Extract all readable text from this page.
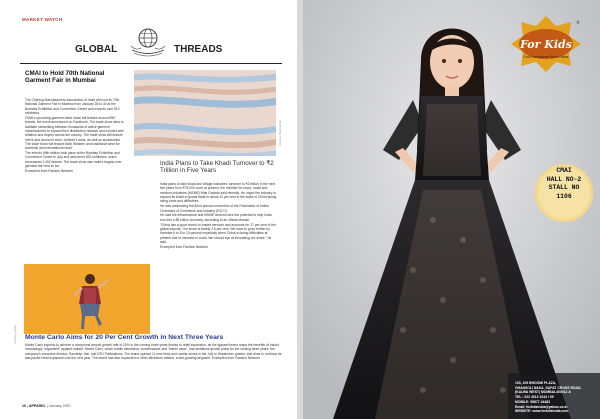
MARKET WATCH
GLOBAL	THREADS
CMAI to Hold 70th National Garment Fair in Mumbai

The Clothing Manufacturers Association of India will host its 70th National Garment Fair in Mumbai from January 28 to 30 at the Bombay Exhibition and Convention Centre and expects over 510 exhibitors.

CMAI's upcoming garment trade show will feature around 850 brands, the event announced on Facebook. The trade show aims to facilitate networking between thousands of active garment manufacturers to expand their distribution network and connect with retailers and buyers across the country. The trade show will feature men's and women's wear, children's wear, as well as accessories. The trade show will feature Both Western and traditional wear for domestic and international retail.

The event's 69th edition took place at the Bombay Exhibition and Convention Centre in July and welcomed 832 exhibitors, which showcased 1,062 brands. The trade show was India's largest-ever garment fair held so far.

Excerpted from Fashion Network

Courtesy: Fibre2Fashion
India Plans to Take Khadi Turnover to ₹2 Trillion in Five Years

India plans to take khadi and village industries' turnover to ₹2 trillion in the next five years from ₹75,000 crore at present, the minister for micro, small and medium industries (MSME) Nitin Gadkari said recently. He urged the industry to expand its khadi-in global trade to about 10 per cent in the wake of China facing rising costs and difficulties.

He was addressing the 82nd annual convention of the Federation of Indian Chambers of Commerce and Industry (FICCI).

He said the infrastructure and MSME sectors have the potential to help India turn into a $5 trillion economy, according to an official release.

"China has a good record in traded services and accounts for 17 per cent of the global exports. Our share is barely 2.6 per cent. We have to grow further by increase it to 8 to 10 percent especially when China is facing difficulties at present due to increase in costs. We should eye at increasing our share," he said.

Excerpted from Fashion Network

Courtesy: Google Monte Carlo Aims for 20 Per Cent Growth in Next Three Years
Monte Carlo expects to achieve a compound annual growth rate of 20% in the coming three years thanks to retail expansion, as the apparel brand reaps the benefits of India's increasingly "organised" apparel market. Monte Carlo, which retails menswear, womenswear, and "tween wear", has ambitious growth plans for the coming three years, the company's executive director, Sandeep Jain, told DRJ Publications. The brand opened 11 new brick-and-mortar stores in the July to September quarter, and aims to continue its fast-paced retail expansion into the new year. The brand has also expanded to other athleisure market, a fast-growing segment. Excerpted from Fashion Network
16 | APPAREL | January 2020
For Kids
Girls Handsome Ethnic Wear
®
CMAI
HALL NO-2
STALL NO
1106
103, 106 BHOOMI PLAZA,
GHANSOLI NAKA, SAPAT CROSS ROAD,
(KALWA WEST) MUMBAI-400012 &
TEL : 022 4013 1044 / 99
MOBILE: 99877 44483
Email: forkidsindia@yahoo.co.in
WEBSITE: www.forkidsindia.com
